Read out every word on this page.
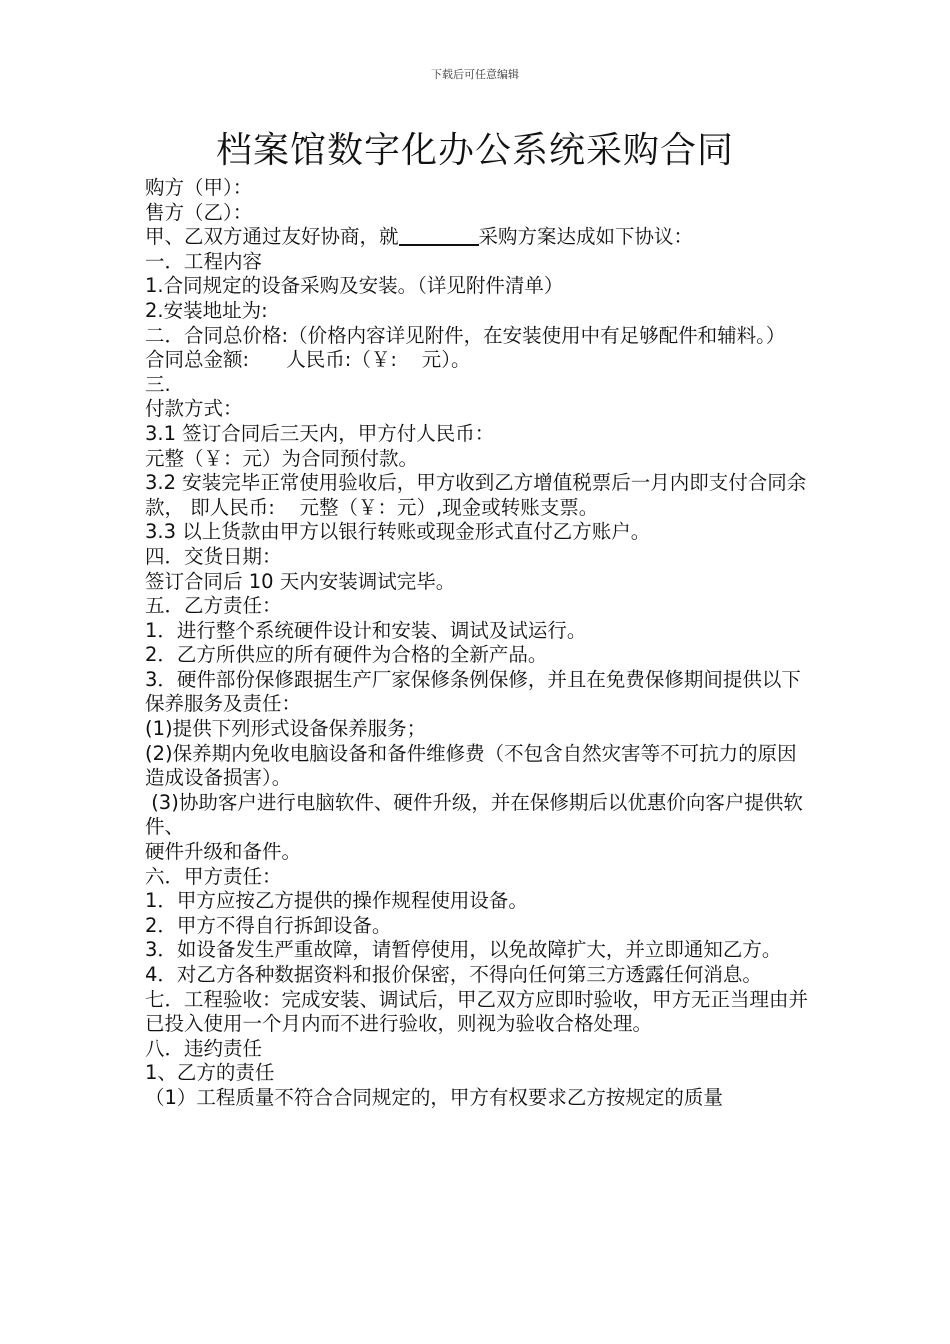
下载后可任意编辑
档案馆数字化办公系统采购合同
购方（甲）：
售方（乙）：
甲、乙双方通过友好协商，就	采购方案达成如下协议：
一．工程内容
1.合同规定的设备采购及安装。（详见附件清单）
2.安装地址为:
二．合同总价格:（价格内容详见附件，在安装使用中有足够配件和辅料。）
合同总金额:      人民币:（￥:    元）。
三.
付款方式：
3.1 签订合同后三天内，甲方付人民币：
元整（￥：元）为合同预付款。
3.2 安装完毕正常使用验收后，甲方收到乙方增值税票后一月内即支付合同余款， 即人民币:    元整（￥：元）,现金或转账支票。
3.3 以上货款由甲方以银行转账或现金形式直付乙方账户。
四．交货日期：
签订合同后 10 天内安装调试完毕。
五．乙方责任：
1．进行整个系统硬件设计和安装、调试及试运行。
2．乙方所供应的所有硬件为合格的全新产品。
3．硬件部份保修跟据生产厂家保修条例保修，并且在免费保修期间提供以下保养服务及责任：
(1)提供下列形式设备保养服务；
(2)保养期内免收电脑设备和备件维修费（不包含自然灾害等不可抗力的原因造成设备损害）。
(3)协助客户进行电脑软件、硬件升级，并在保修期后以优惠价向客户提供软件、
硬件升级和备件。
六．甲方责任：
1．甲方应按乙方提供的操作规程使用设备。
2．甲方不得自行拆卸设备。
3．如设备发生严重故障，请暂停使用，以免故障扩大，并立即通知乙方。
4．对乙方各种数据资料和报价保密，不得向任何第三方透露任何消息。
七．工程验收：完成安装、调试后，甲乙双方应即时验收，甲方无正当理由并已投入使用一个月内而不进行验收，则视为验收合格处理。
八．违约责任
1、乙方的责任
（1）工程质量不符合合同规定的，甲方有权要求乙方按规定的质量
